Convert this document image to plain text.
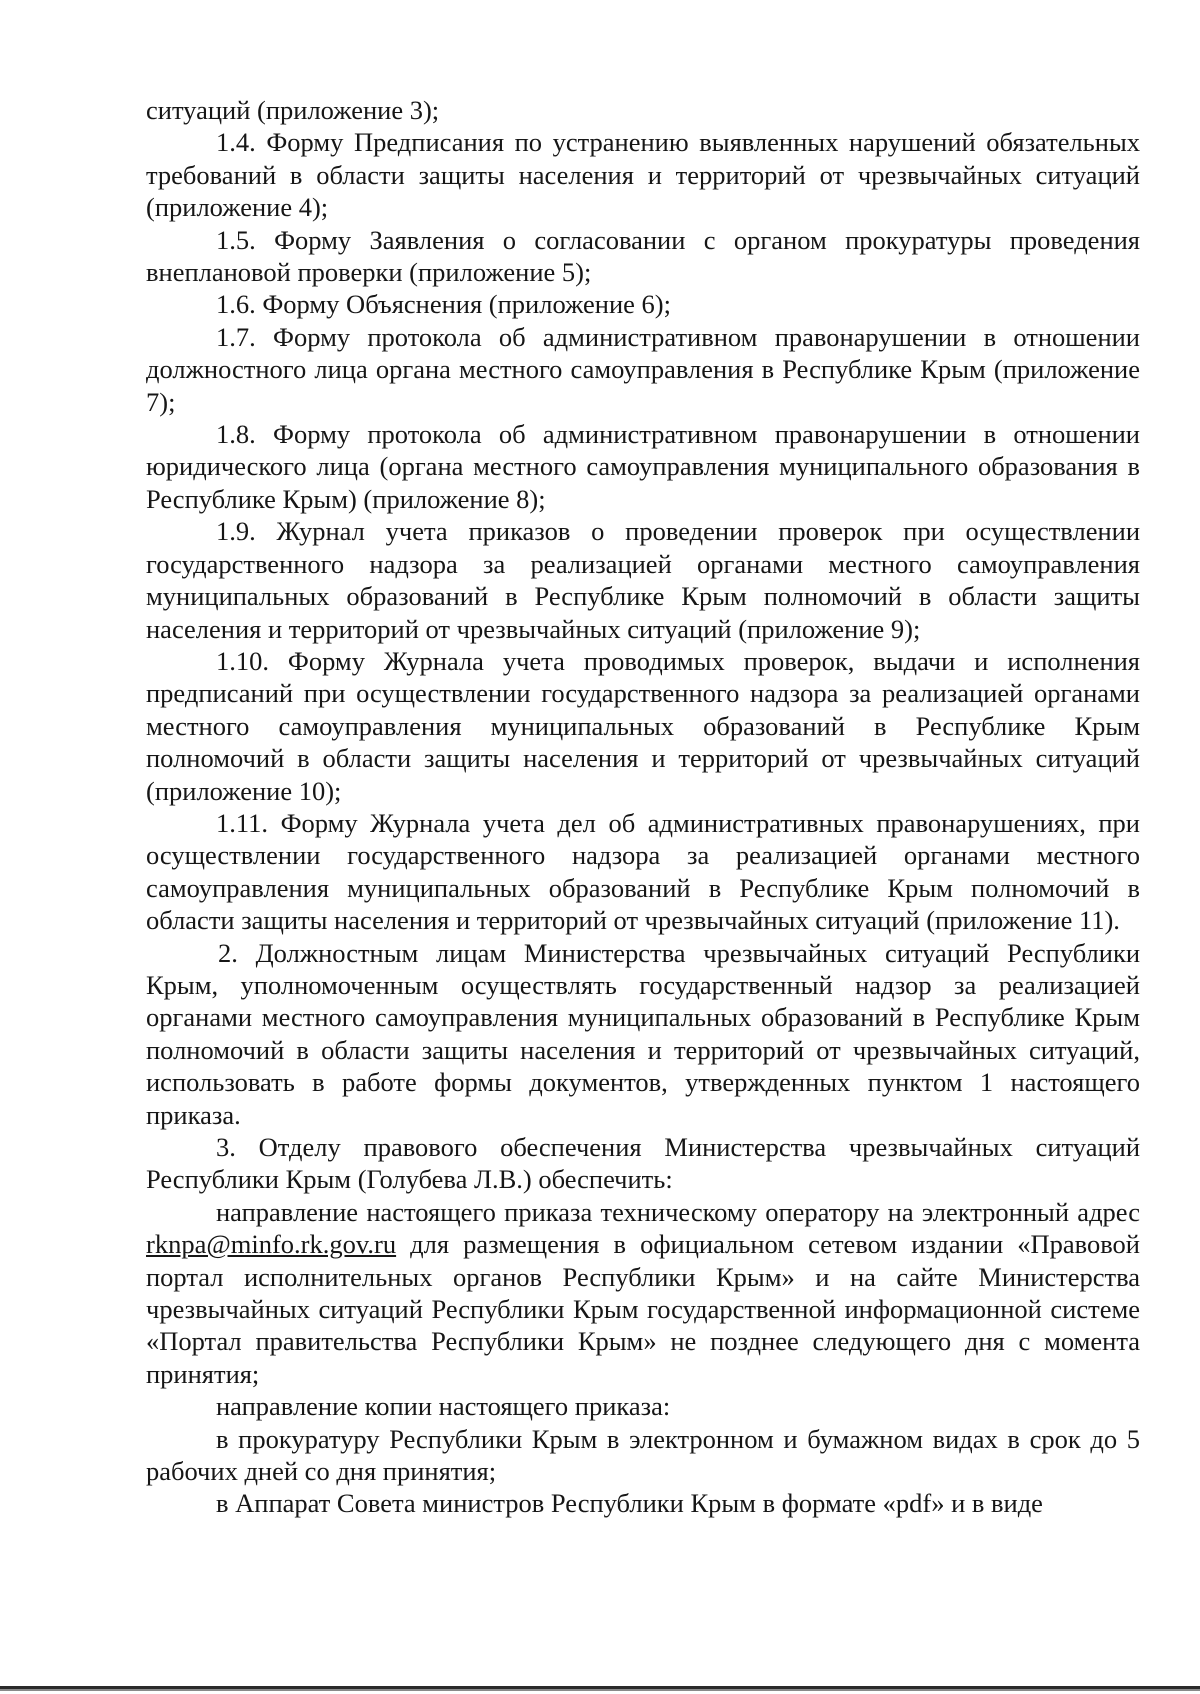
ситуаций (приложение 3);

1.4. Форму Предписания по устранению выявленных нарушений обязательных требований в области защиты населения и территорий от чрезвычайных ситуаций (приложение 4);

1.5. Форму Заявления о согласовании с органом прокуратуры проведения внеплановой проверки (приложение 5);

1.6. Форму Объяснения (приложение 6);

1.7. Форму протокола об административном правонарушении в отношении должностного лица органа местного самоуправления в Республике Крым (приложение 7);

1.8. Форму протокола об административном правонарушении в отношении юридического лица (органа местного самоуправления муниципального образования в Республике Крым) (приложение 8);

1.9. Журнал учета приказов о проведении проверок при осуществлении государственного надзора за реализацией органами местного самоуправления муниципальных образований в Республике Крым полномочий в области защиты населения и территорий от чрезвычайных ситуаций (приложение 9);

1.10. Форму Журнала учета проводимых проверок, выдачи и исполнения предписаний при осуществлении государственного надзора за реализацией органами местного самоуправления муниципальных образований в Республике Крым полномочий в области защиты населения и территорий от чрезвычайных ситуаций (приложение 10);

1.11. Форму Журнала учета дел об административных правонарушениях, при осуществлении государственного надзора за реализацией органами местного самоуправления муниципальных образований в Республике Крым полномочий в области защиты населения и территорий от чрезвычайных ситуаций (приложение 11).

2. Должностным лицам Министерства чрезвычайных ситуаций Республики Крым, уполномоченным осуществлять государственный надзор за реализацией органами местного самоуправления муниципальных образований в Республике Крым полномочий в области защиты населения и территорий от чрезвычайных ситуаций, использовать в работе формы документов, утвержденных пунктом 1 настоящего приказа.

3. Отделу правового обеспечения Министерства чрезвычайных ситуаций Республики Крым (Голубева Л.В.) обеспечить:

направление настоящего приказа техническому оператору на электронный адрес rknpa@minfo.rk.gov.ru для размещения в официальном сетевом издании «Правовой портал исполнительных органов Республики Крым» и на сайте Министерства чрезвычайных ситуаций Республики Крым государственной информационной системе «Портал правительства Республики Крым» не позднее следующего дня с момента принятия;

направление копии настоящего приказа:

в прокуратуру Республики Крым в электронном и бумажном видах в срок до 5 рабочих дней со дня принятия;

в Аппарат Совета министров Республики Крым в формате «pdf» и в виде
